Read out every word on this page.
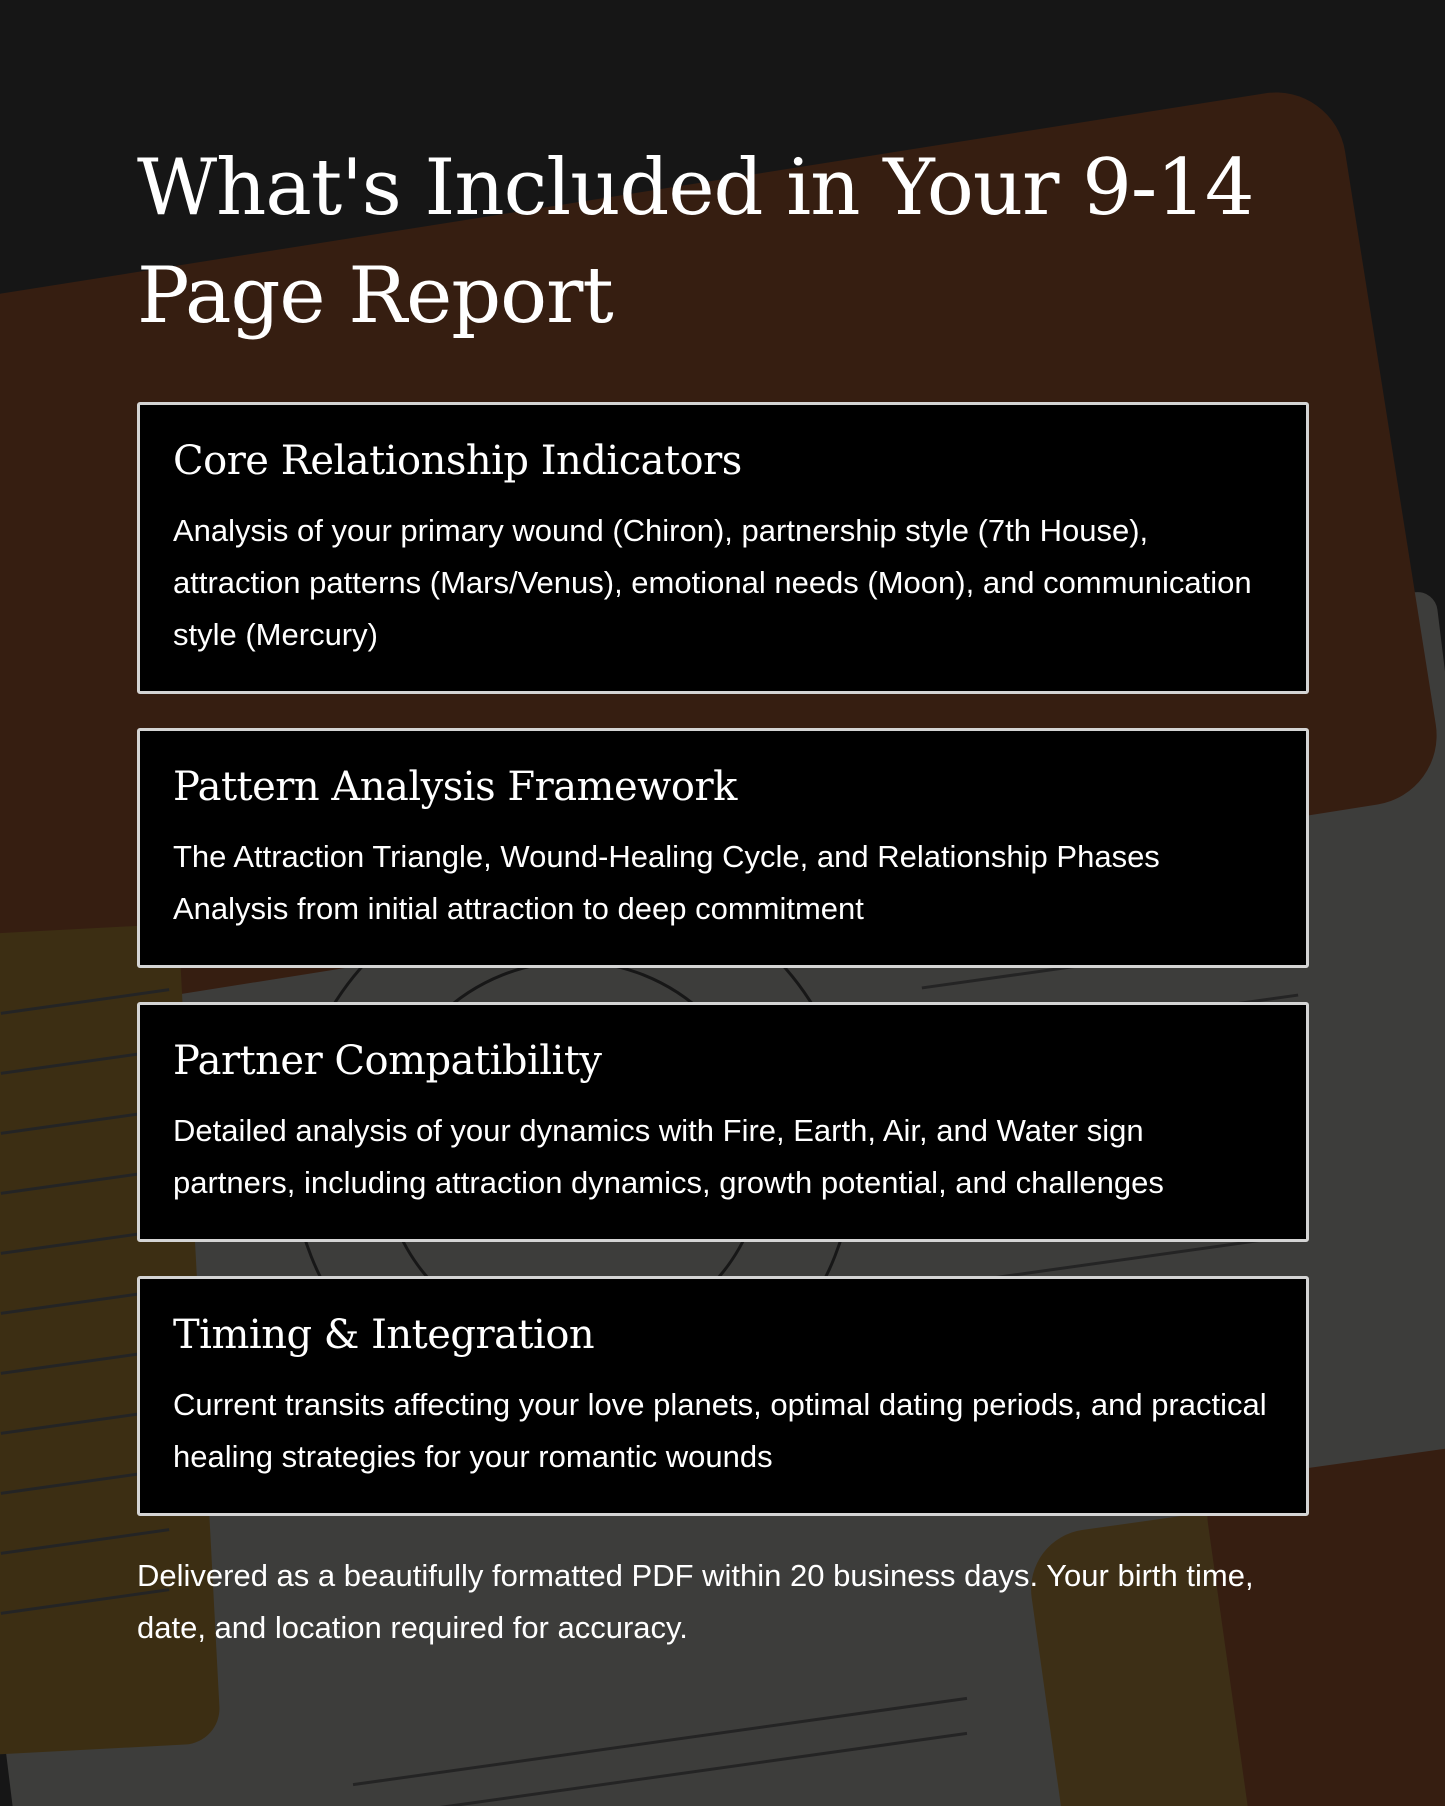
What's Included in Your 9-14 Page Report
Core Relationship Indicators

Analysis of your primary wound (Chiron), partnership style (7th House), attraction patterns (Mars/Venus), emotional needs (Moon), and communication style (Mercury)

Pattern Analysis Framework

The Attraction Triangle, Wound-Healing Cycle, and Relationship Phases Analysis from initial attraction to deep commitment

Partner Compatibility

Detailed analysis of your dynamics with Fire, Earth, Air, and Water sign partners, including attraction dynamics, growth potential, and challenges

Timing & Integration

Current transits affecting your love planets, optimal dating periods, and practical healing strategies for your romantic wounds

Delivered as a beautifully formatted PDF within 20 business days. Your birth time, date, and location required for accuracy.
